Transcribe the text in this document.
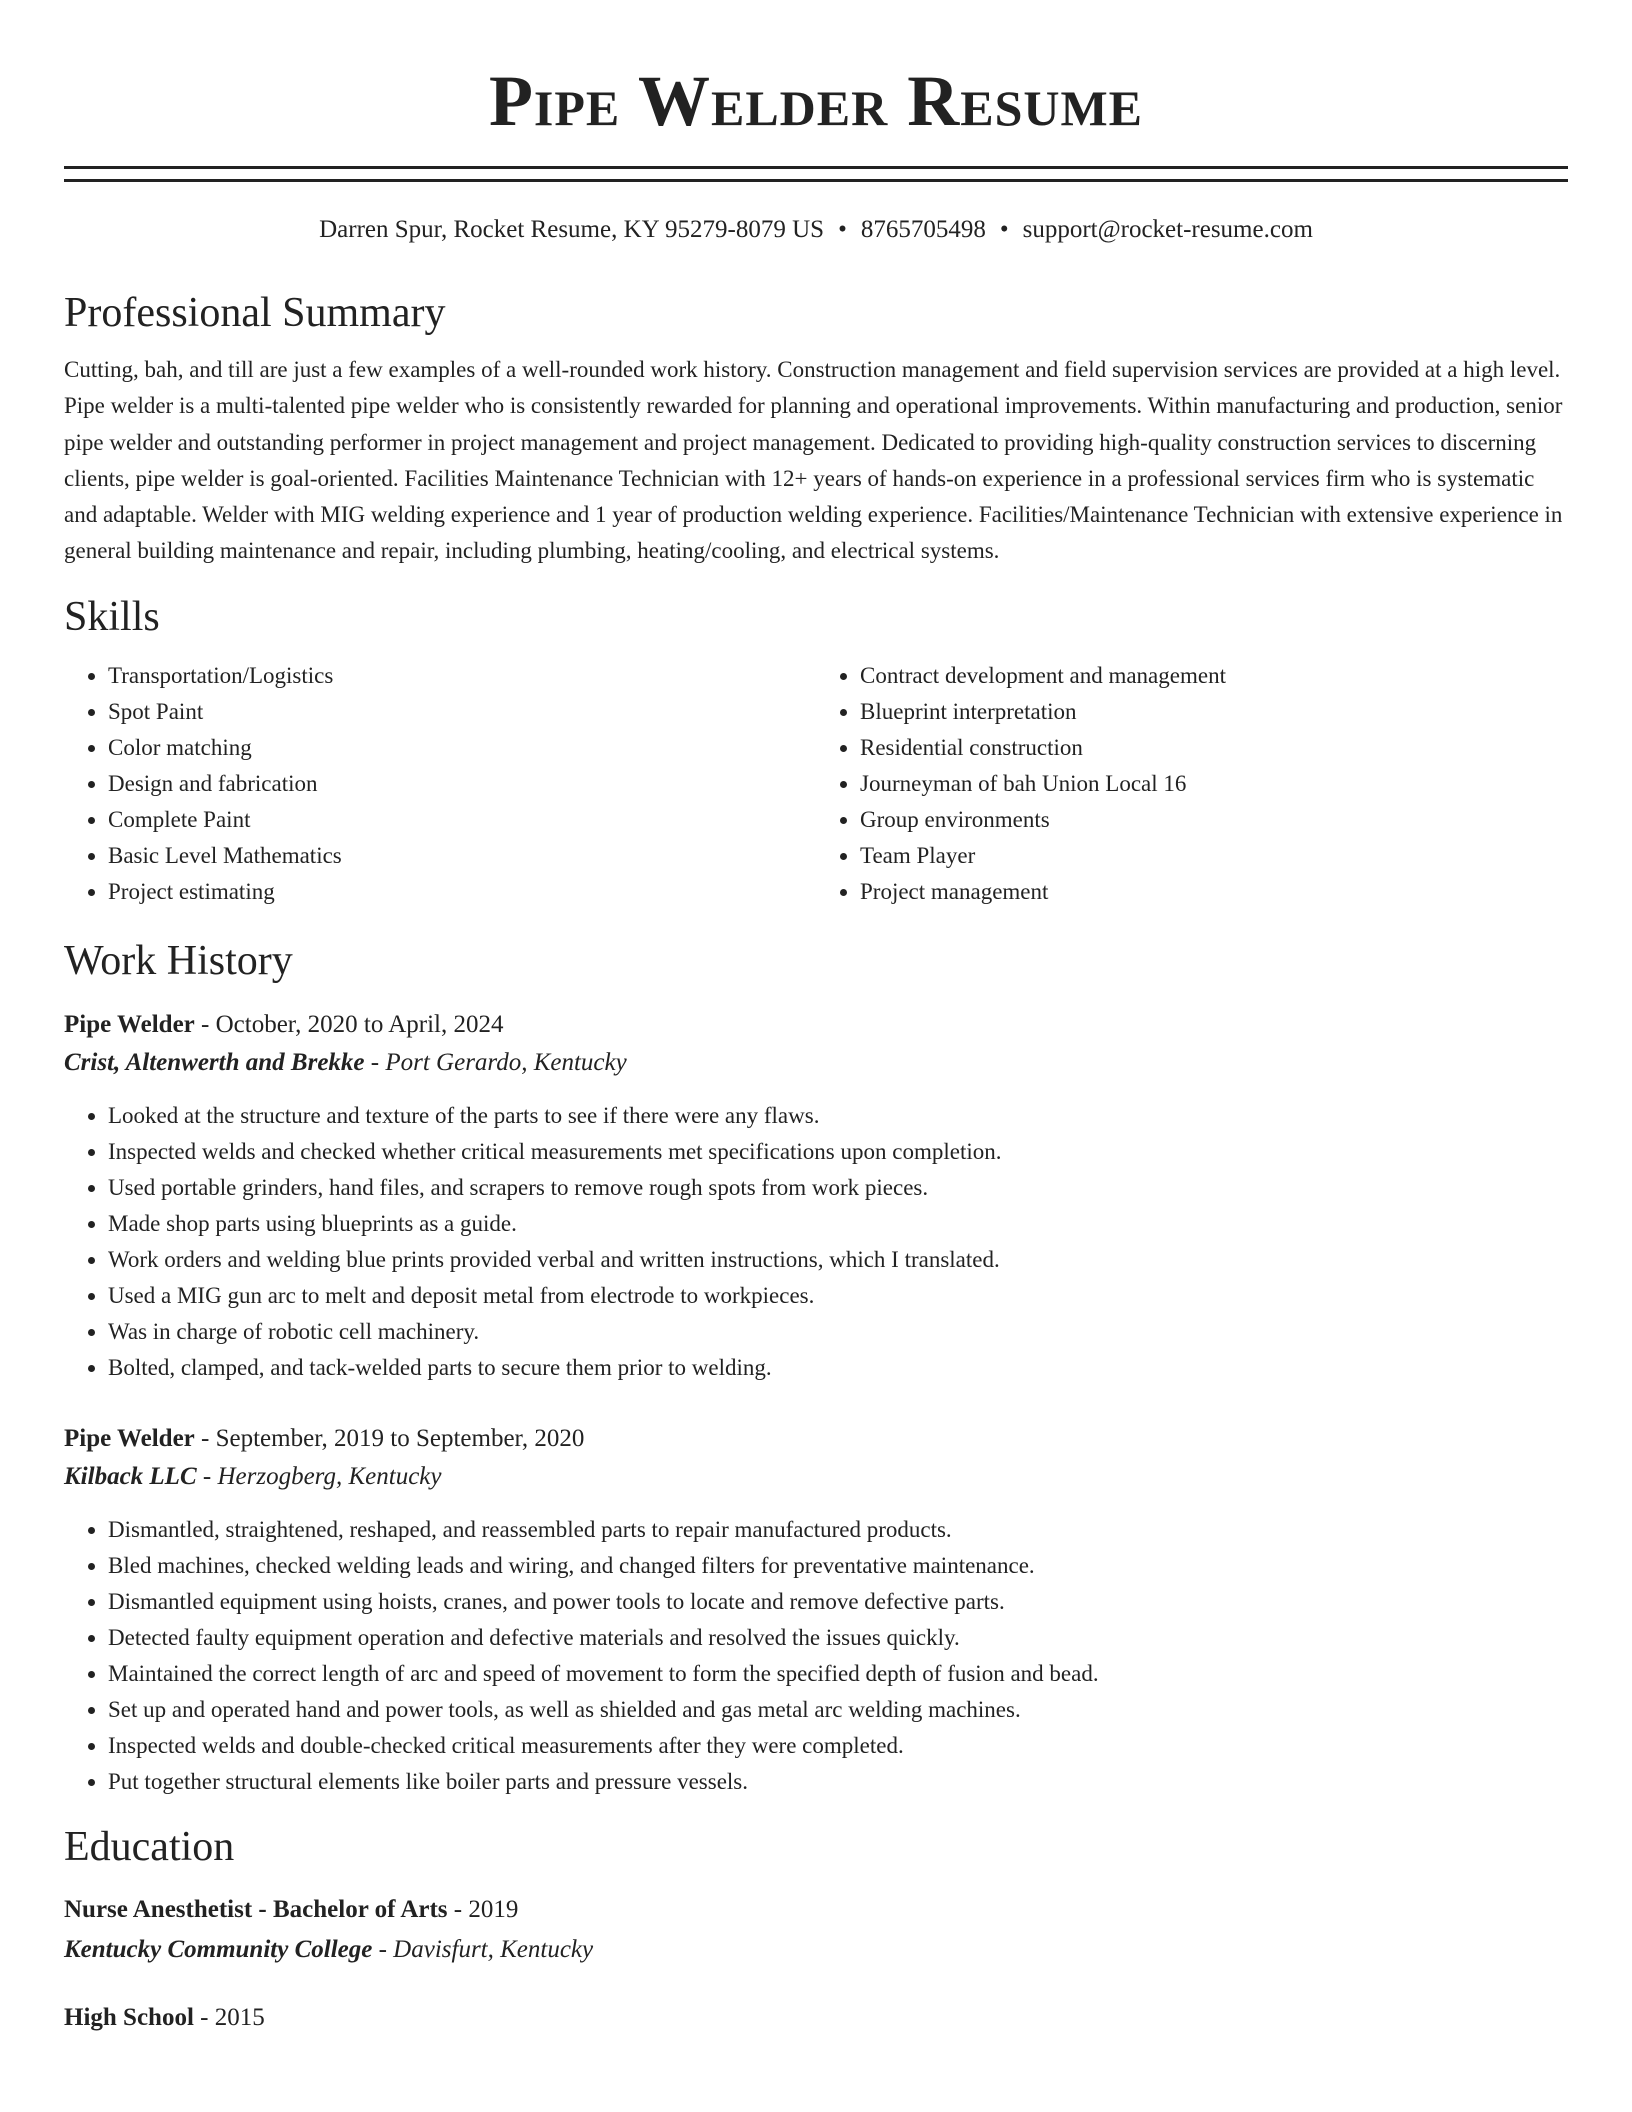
Pipe Welder Resume
Darren Spur, Rocket Resume, KY 95279-8079 US • 8765705498 • support@rocket-resume.com
Professional Summary

Cutting, bah, and till are just a few examples of a well-rounded work history. Construction management and field supervision services are provided at a high level. Pipe welder is a multi-talented pipe welder who is consistently rewarded for planning and operational improvements. Within manufacturing and production, senior pipe welder and outstanding performer in project management and project management. Dedicated to providing high-quality construction services to discerning clients, pipe welder is goal-oriented. Facilities Maintenance Technician with 12+ years of hands-on experience in a professional services firm who is systematic and adaptable. Welder with MIG welding experience and 1 year of production welding experience. Facilities/Maintenance Technician with extensive experience in general building maintenance and repair, including plumbing, heating/cooling, and electrical systems.

Skills
• Transportation/Logistics
• Spot Paint
• Color matching
• Design and fabrication
• Complete Paint
• Basic Level Mathematics
• Project estimating
• Contract development and management
• Blueprint interpretation
• Residential construction
• Journeyman of bah Union Local 16
• Group environments
• Team Player
• Project management
Work History
Pipe Welder - October, 2020 to April, 2024
Crist, Altenwerth and Brekke - Port Gerardo, Kentucky
• Looked at the structure and texture of the parts to see if there were any flaws.
• Inspected welds and checked whether critical measurements met specifications upon completion.
• Used portable grinders, hand files, and scrapers to remove rough spots from work pieces.
• Made shop parts using blueprints as a guide.
• Work orders and welding blue prints provided verbal and written instructions, which I translated.
• Used a MIG gun arc to melt and deposit metal from electrode to workpieces.
• Was in charge of robotic cell machinery.
• Bolted, clamped, and tack-welded parts to secure them prior to welding.
Pipe Welder - September, 2019 to September, 2020
Kilback LLC - Herzogberg, Kentucky
• Dismantled, straightened, reshaped, and reassembled parts to repair manufactured products.
• Bled machines, checked welding leads and wiring, and changed filters for preventative maintenance.
• Dismantled equipment using hoists, cranes, and power tools to locate and remove defective parts.
• Detected faulty equipment operation and defective materials and resolved the issues quickly.
• Maintained the correct length of arc and speed of movement to form the specified depth of fusion and bead.
• Set up and operated hand and power tools, as well as shielded and gas metal arc welding machines.
• Inspected welds and double-checked critical measurements after they were completed.
• Put together structural elements like boiler parts and pressure vessels.
Education
Nurse Anesthetist - Bachelor of Arts - 2019
Kentucky Community College - Davisfurt, Kentucky
High School - 2015
